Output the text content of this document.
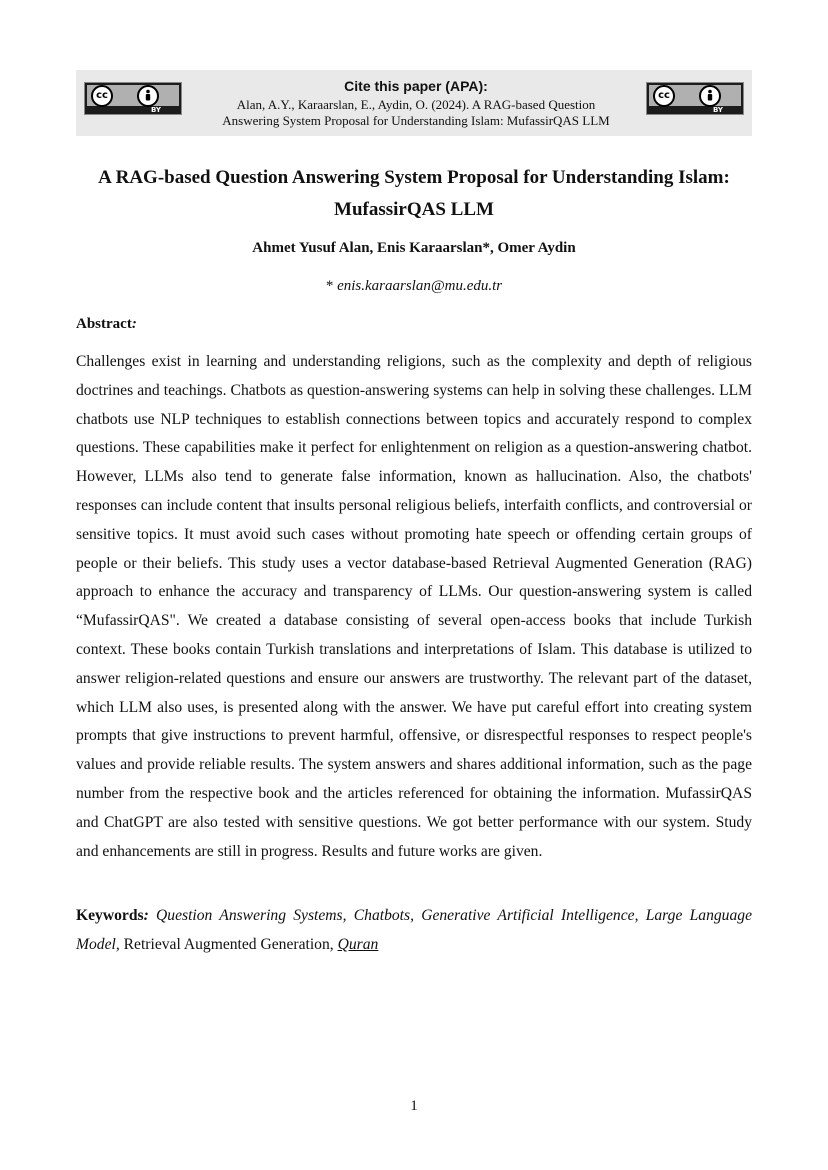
cc
BY
Cite this paper (APA):
Alan, A.Y., Karaarslan, E., Aydin, O. (2024). A RAG-based Question
Answering System Proposal for Understanding Islam: MufassirQAS LLM
cc
BY
A RAG-based Question Answering System Proposal for Understanding Islam:
MufassirQAS LLM
Ahmet Yusuf Alan, Enis Karaarslan*, Omer Aydin
* enis.karaarslan@mu.edu.tr
Abstract:

Challenges exist in learning and understanding religions, such as the complexity and depth of religious doctrines and teachings. Chatbots as question-answering systems can help in solving these challenges. LLM chatbots use NLP techniques to establish connections between topics and accurately respond to complex questions. These capabilities make it perfect for enlightenment on religion as a question-answering chatbot. However, LLMs also tend to generate false information, known as hallucination. Also, the chatbots' responses can include content that insults personal religious beliefs, interfaith conflicts, and controversial or sensitive topics. It must avoid such cases without promoting hate speech or offending certain groups of people or their beliefs. This study uses a vector database-based Retrieval Augmented Generation (RAG) approach to enhance the accuracy and transparency of LLMs. Our question-answering system is called “MufassirQAS". We created a database consisting of several open-access books that include Turkish context. These books contain Turkish translations and interpretations of Islam. This database is utilized to answer religion-related questions and ensure our answers are trustworthy. The relevant part of the dataset, which LLM also uses, is presented along with the answer. We have put careful effort into creating system prompts that give instructions to prevent harmful, offensive, or disrespectful responses to respect people's values and provide reliable results. The system answers and shares additional information, such as the page number from the respective book and the articles referenced for obtaining the information. MufassirQAS and ChatGPT are also tested with sensitive questions. We got better performance with our system. Study and enhancements are still in progress. Results and future works are given.

Keywords: Question Answering Systems, Chatbots, Generative Artificial Intelligence, Large Language Model, Retrieval Augmented Generation, Quran

1
